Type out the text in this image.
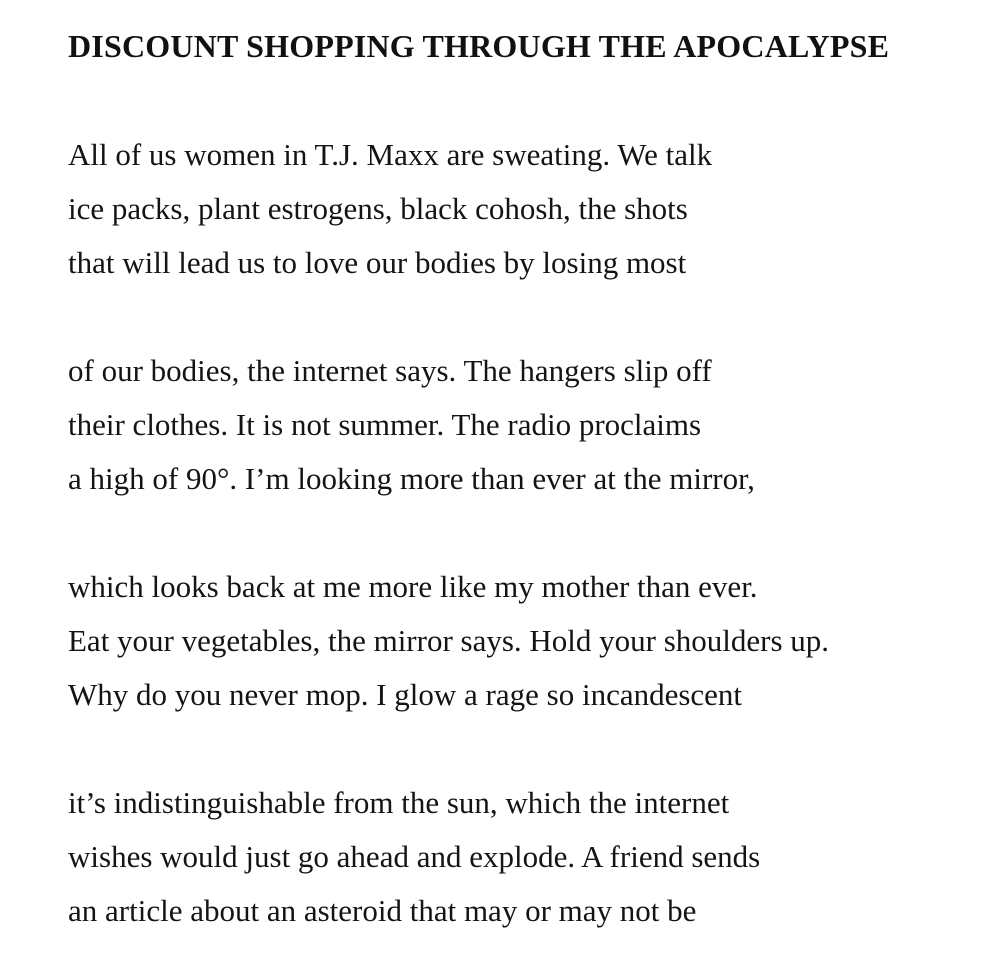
DISCOUNT SHOPPING THROUGH THE APOCALYPSE
All of us women in T.J. Maxx are sweating. We talk
ice packs, plant estrogens, black cohosh, the shots
that will lead us to love our bodies by losing most
of our bodies, the internet says. The hangers slip off
their clothes. It is not summer. The radio proclaims
a high of 90°. I’m looking more than ever at the mirror,
which looks back at me more like my mother than ever.
Eat your vegetables, the mirror says. Hold your shoulders up.
Why do you never mop. I glow a rage so incandescent
it’s indistinguishable from the sun, which the internet
wishes would just go ahead and explode. A friend sends
an article about an asteroid that may or may not be
